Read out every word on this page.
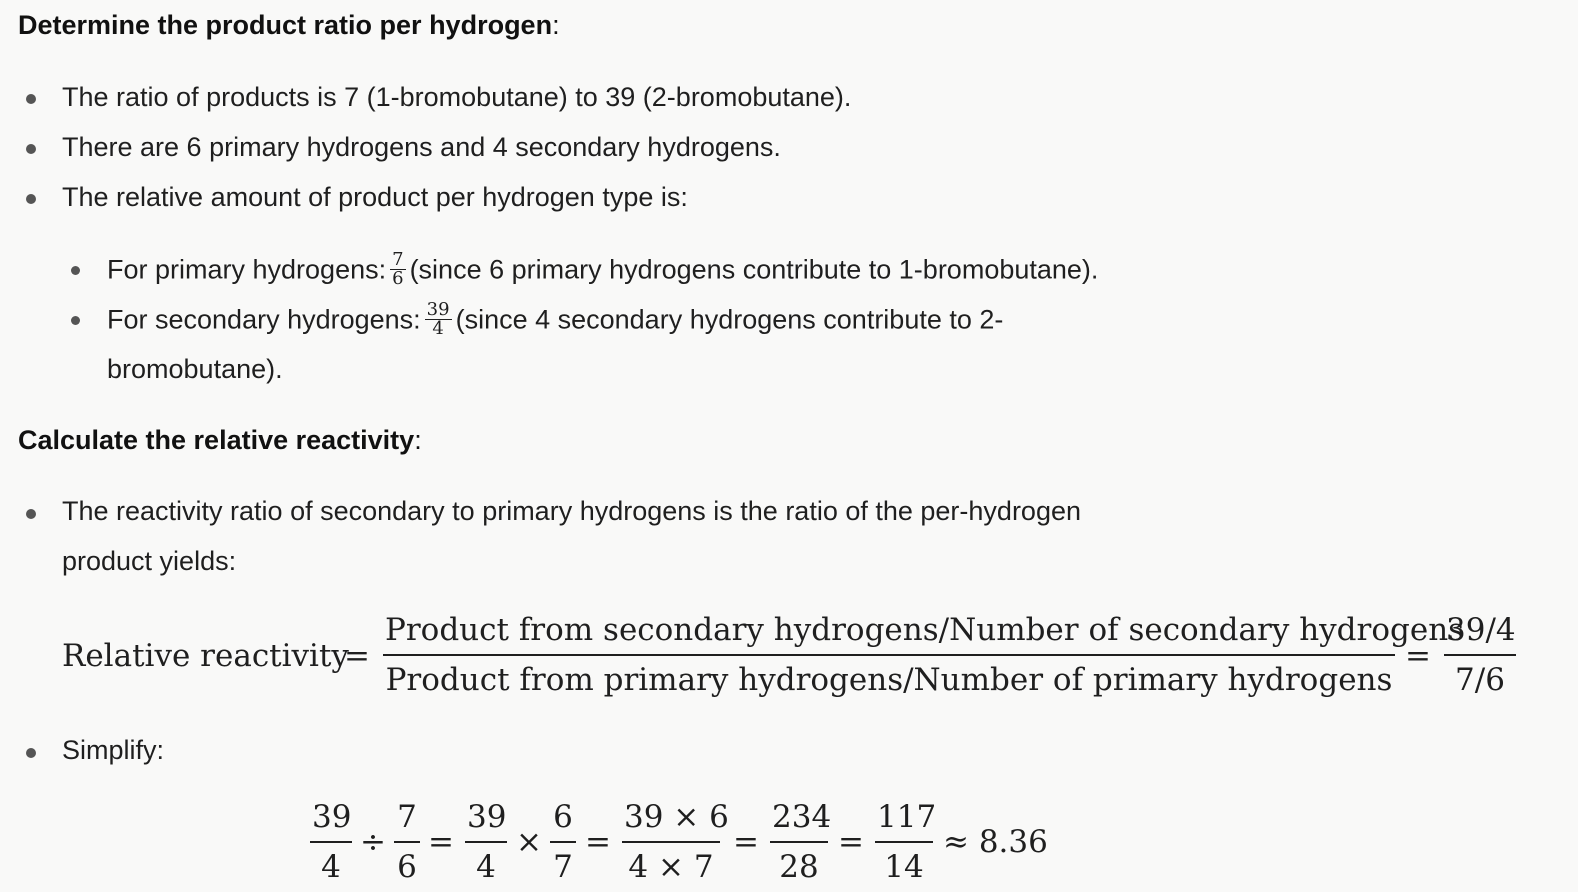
Determine the product ratio per hydrogen:
The ratio of products is 7 (1-bromobutane) to 39 (2-bromobutane).
There are 6 primary hydrogens and 4 secondary hydrogens.
The relative amount of product per hydrogen type is:
For primary hydrogens: $\frac{7}{6}$ (since 6 primary hydrogens contribute to 1-bromobutane).
For secondary hydrogens: $\frac{39}{4}$ (since 4 secondary hydrogens contribute to 2-
bromobutane).
Calculate the relative reactivity:
The reactivity ratio of secondary to primary hydrogens is the ratio of the per-hydrogen
product yields:
Relative reactivity
=
Product from secondary hydrogens/Number of secondary hydrogens
Product from primary hydrogens/Number of primary hydrogens
= $\frac{39/4}{7/6}$
Simplify:
$\frac{39}{4} \div \frac{7}{6} = \frac{39}{4} \times \frac{6}{7} = \frac{39 \times 6}{4 \times 7} = \frac{234}{28} = \frac{117}{14} \approx 8.36$
